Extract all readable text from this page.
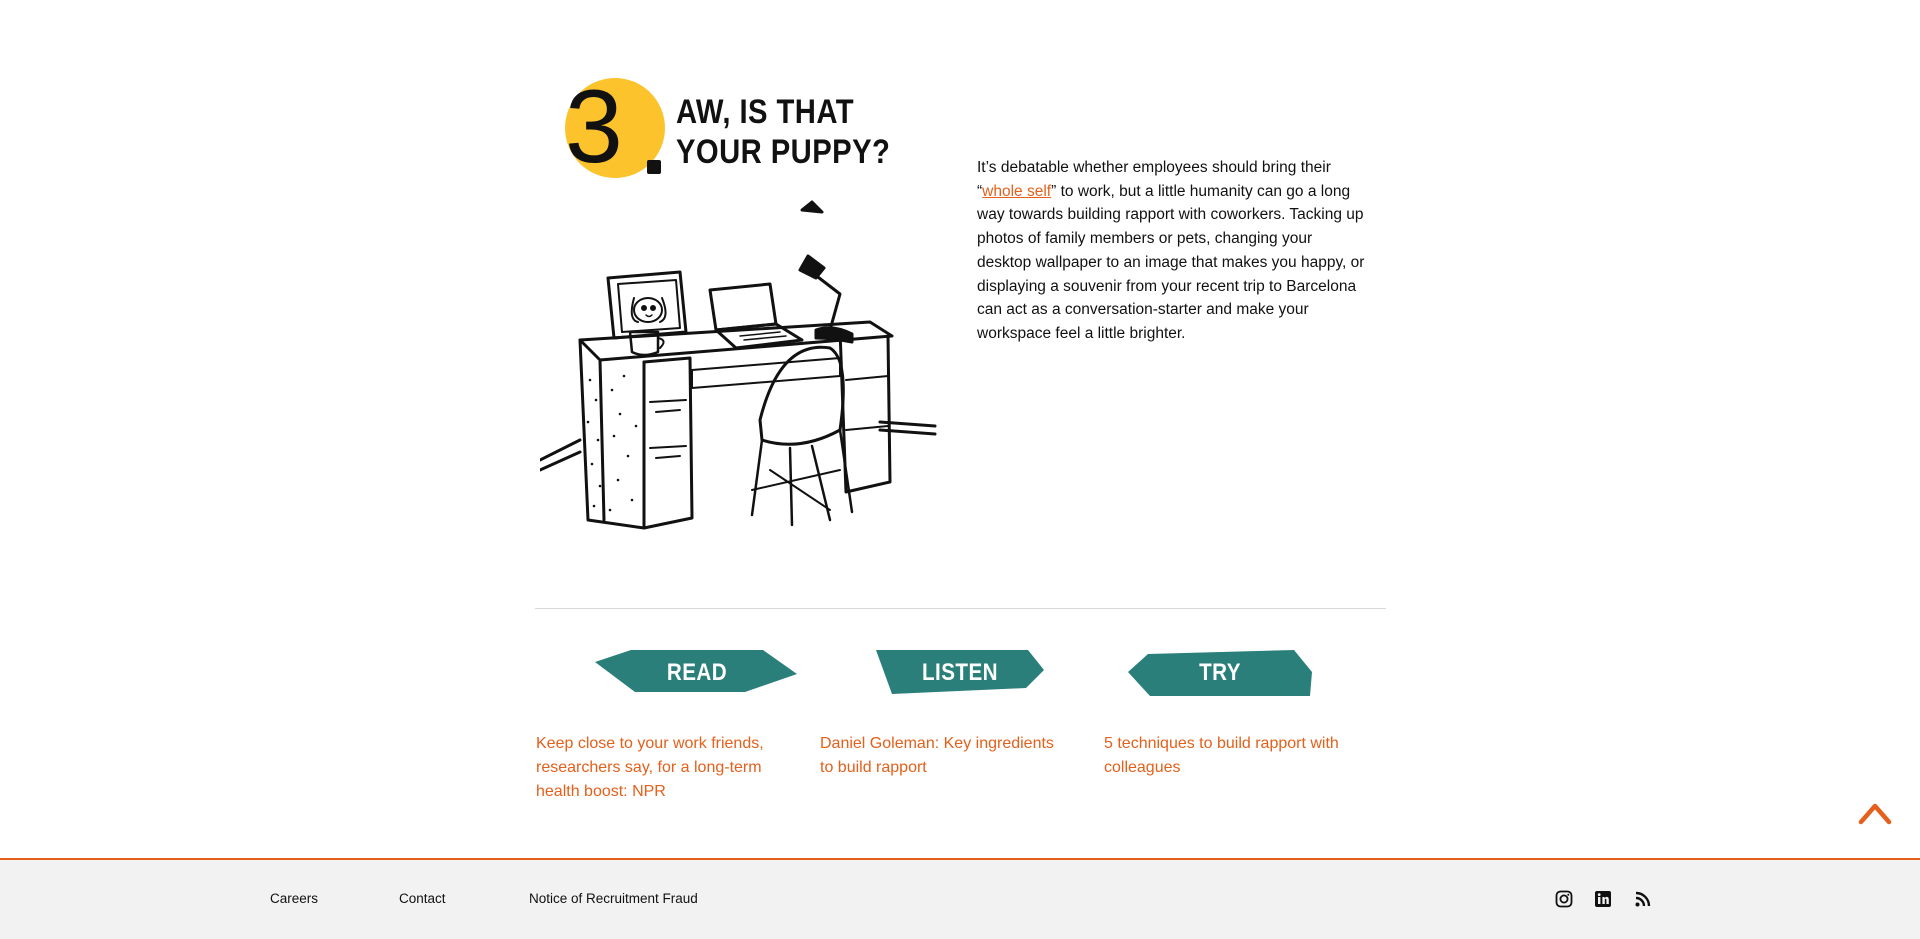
3 AW, IS THAT
YOUR PUPPY?	It’s debatable whether employees should bring their
“whole self” to work, but a little humanity can go a long
way towards building rapport with coworkers. Tacking up
photos of family members or pets, changing your
desktop wallpaper to an image that makes you happy, or
displaying a souvenir from your recent trip to Barcelona
can act as a conversation-starter and make your
workspace feel a little brighter.

READ	LISTEN	TRY
Keep close to your work friends, researchers say, for a long-term health boost: NPR
Daniel Goleman: Key ingredients to build rapport
5 techniques to build rapport with colleagues
Careers	Contact	Notice of Recruitment Fraud
